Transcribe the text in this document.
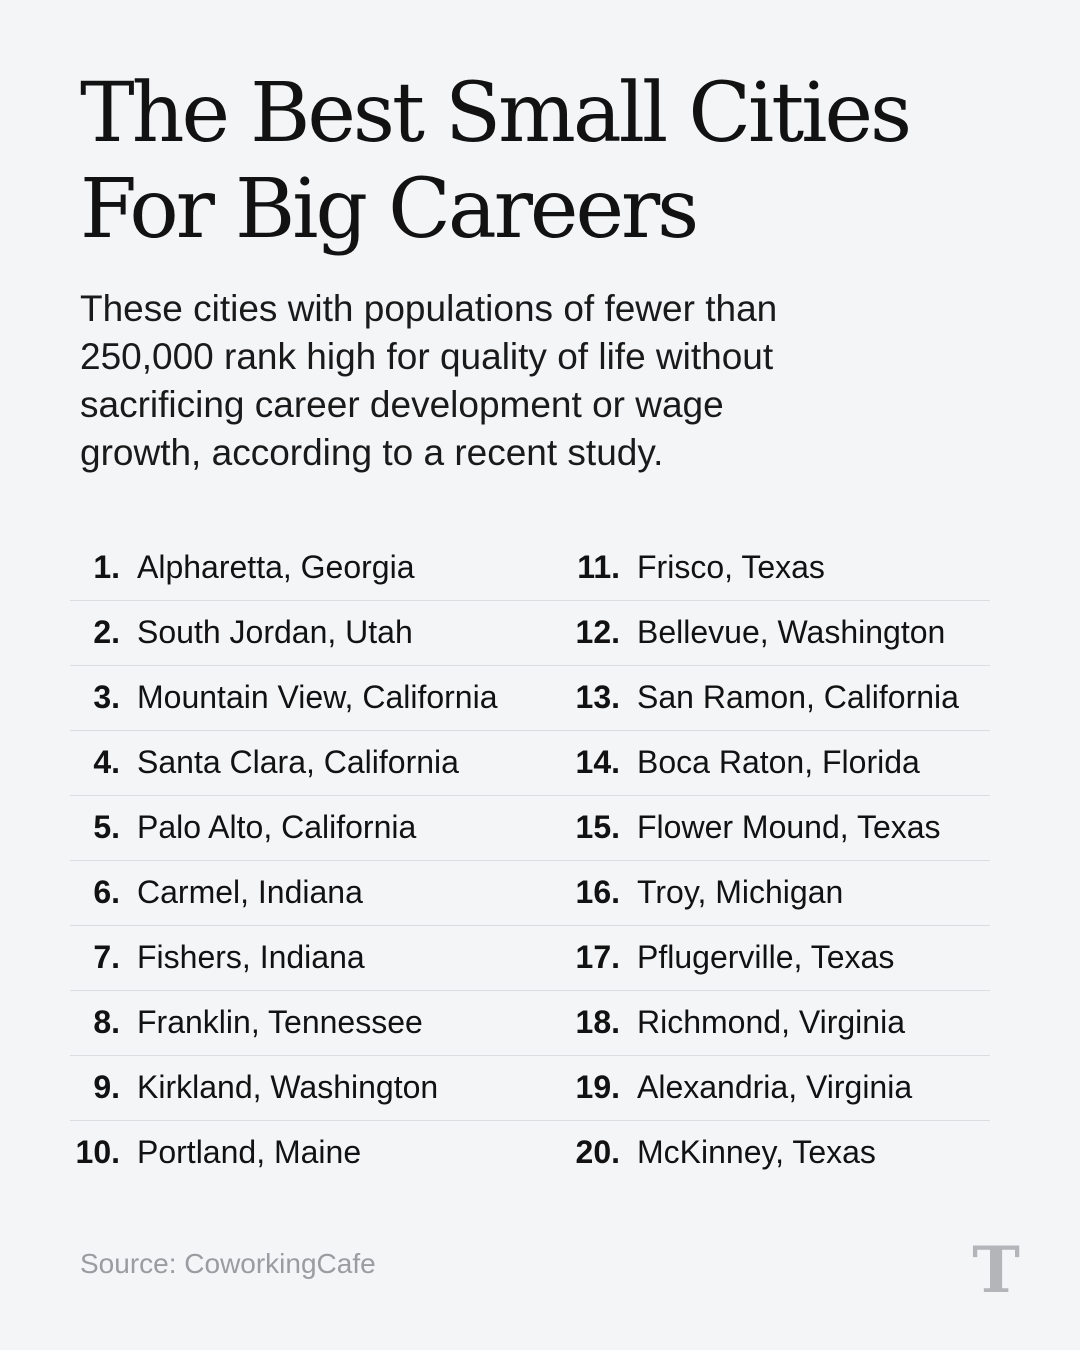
The Best Small Cities
For Big Careers

These cities with populations of fewer than
250,000 rank high for quality of life without
sacrificing career development or wage
growth, according to a recent study.

1. Alpharetta, Georgia	11. Frisco, Texas
2. South Jordan, Utah	12. Bellevue, Washington
3. Mountain View, California	13. San Ramon, California
4. Santa Clara, California	14. Boca Raton, Florida
5. Palo Alto, California	15. Flower Mound, Texas
6. Carmel, Indiana	16. Troy, Michigan
7. Fishers, Indiana	17. Pflugerville, Texas
8. Franklin, Tennessee	18. Richmond, Virginia
9. Kirkland, Washington	19. Alexandria, Virginia
10. Portland, Maine	20. McKinney, Texas
Source: CoworkingCafe	T
